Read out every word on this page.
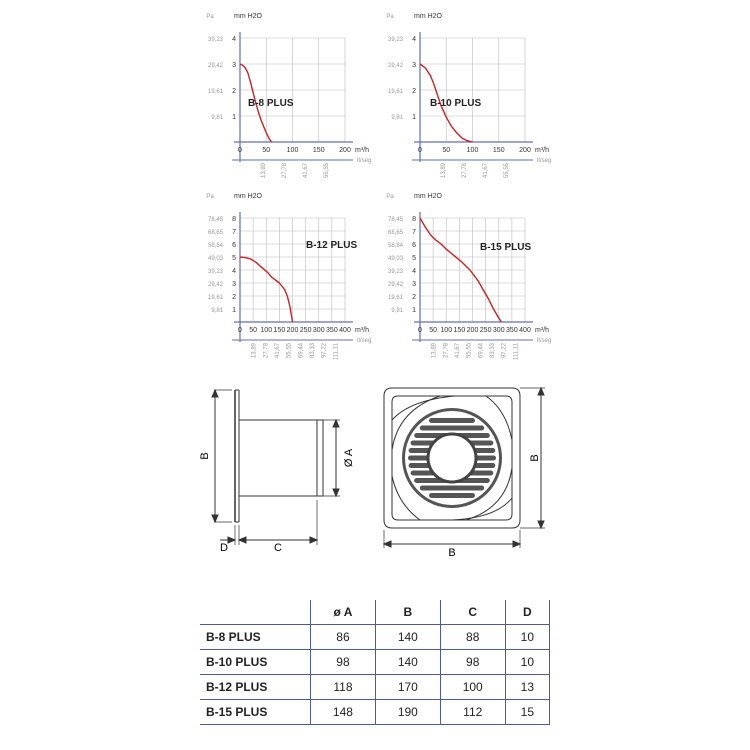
1
2
3
4
9,81
19,61
29,42
39,23
Pa	mm H2O
0	50 100 150 200 m³/h
13,89	27,78	41,67	55,55
lt/seg
B-8 PLUS
1
2
3
4
9,81
19,61
29,42
39,23
Pa	mm H2O
0	50 100 150 200 m³/h
13,89	27,78	41,67	55,55
lt/seg
B-10 PLUS
1
2
3
4
5
6
7
8
9,81
19,61
29,42
39,23
49,03
58,84
68,65
78,45
Pa	mm H2O
0 50 100 150 200 250 300 350 400 m³/h
13,89 27,78 41,67 55,55 69,44 83,33 97,22 111,11
lt/seg
B-12 PLUS
1
2
3
4
5
6
7
8
9,81
19,61
29,42
39,23
49,03
58,84
68,65
78,45
Pa	mm H2O
0 50 100 150 200 250 300 350 400 m³/h
13,89 27,78 41,67 55,55 69,44 83,33 97,22 111,11
lt/seg
B-15 PLUS
B	Ø A
D	C
B
B
	ø A	B	C	D
B-8 PLUS	86	140	88	10
B-10 PLUS	98	140	98	10
B-12 PLUS	118	170	100	13
B-15 PLUS	148	190	112	15
